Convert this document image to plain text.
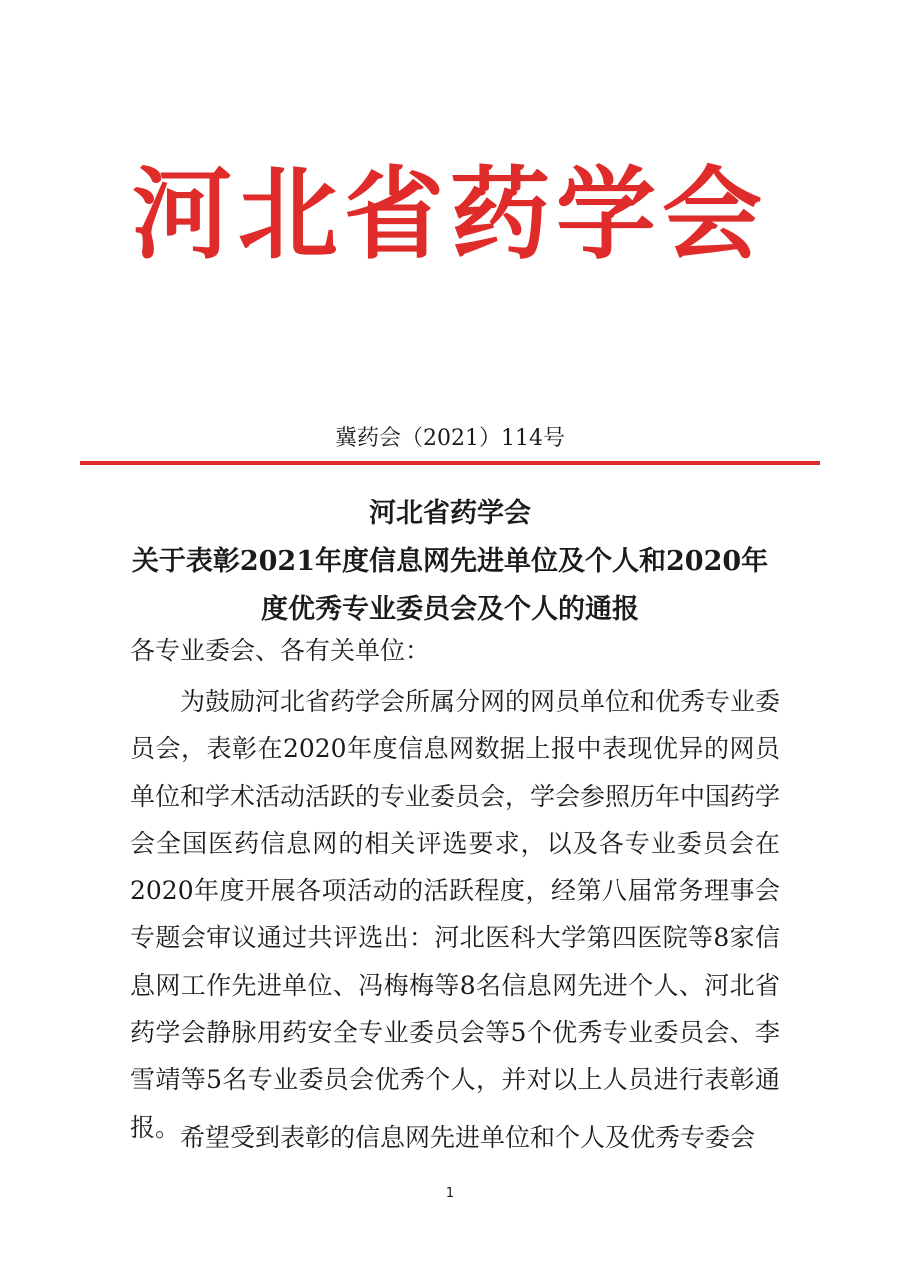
河北省药学会
冀药会（2021）114号
河北省药学会
关于表彰2021年度信息网先进单位及个人和2020年
度优秀专业委员会及个人的通报
各专业委会、各有关单位：

为鼓励河北省药学会所属分网的网员单位和优秀专业委员会，表彰在2020年度信息网数据上报中表现优异的网员单位和学术活动活跃的专业委员会，学会参照历年中国药学会全国医药信息网的相关评选要求，以及各专业委员会在2020年度开展各项活动的活跃程度，经第八届常务理事会专题会审议通过共评选出：河北医科大学第四医院等8家信息网工作先进单位、冯梅梅等8名信息网先进个人、河北省药学会静脉用药安全专业委员会等5个优秀专业委员会、李雪靖等5名专业委员会优秀个人，并对以上人员进行表彰通报。 希望受到表彰的信息网先进单位和个人及优秀专委会

1
